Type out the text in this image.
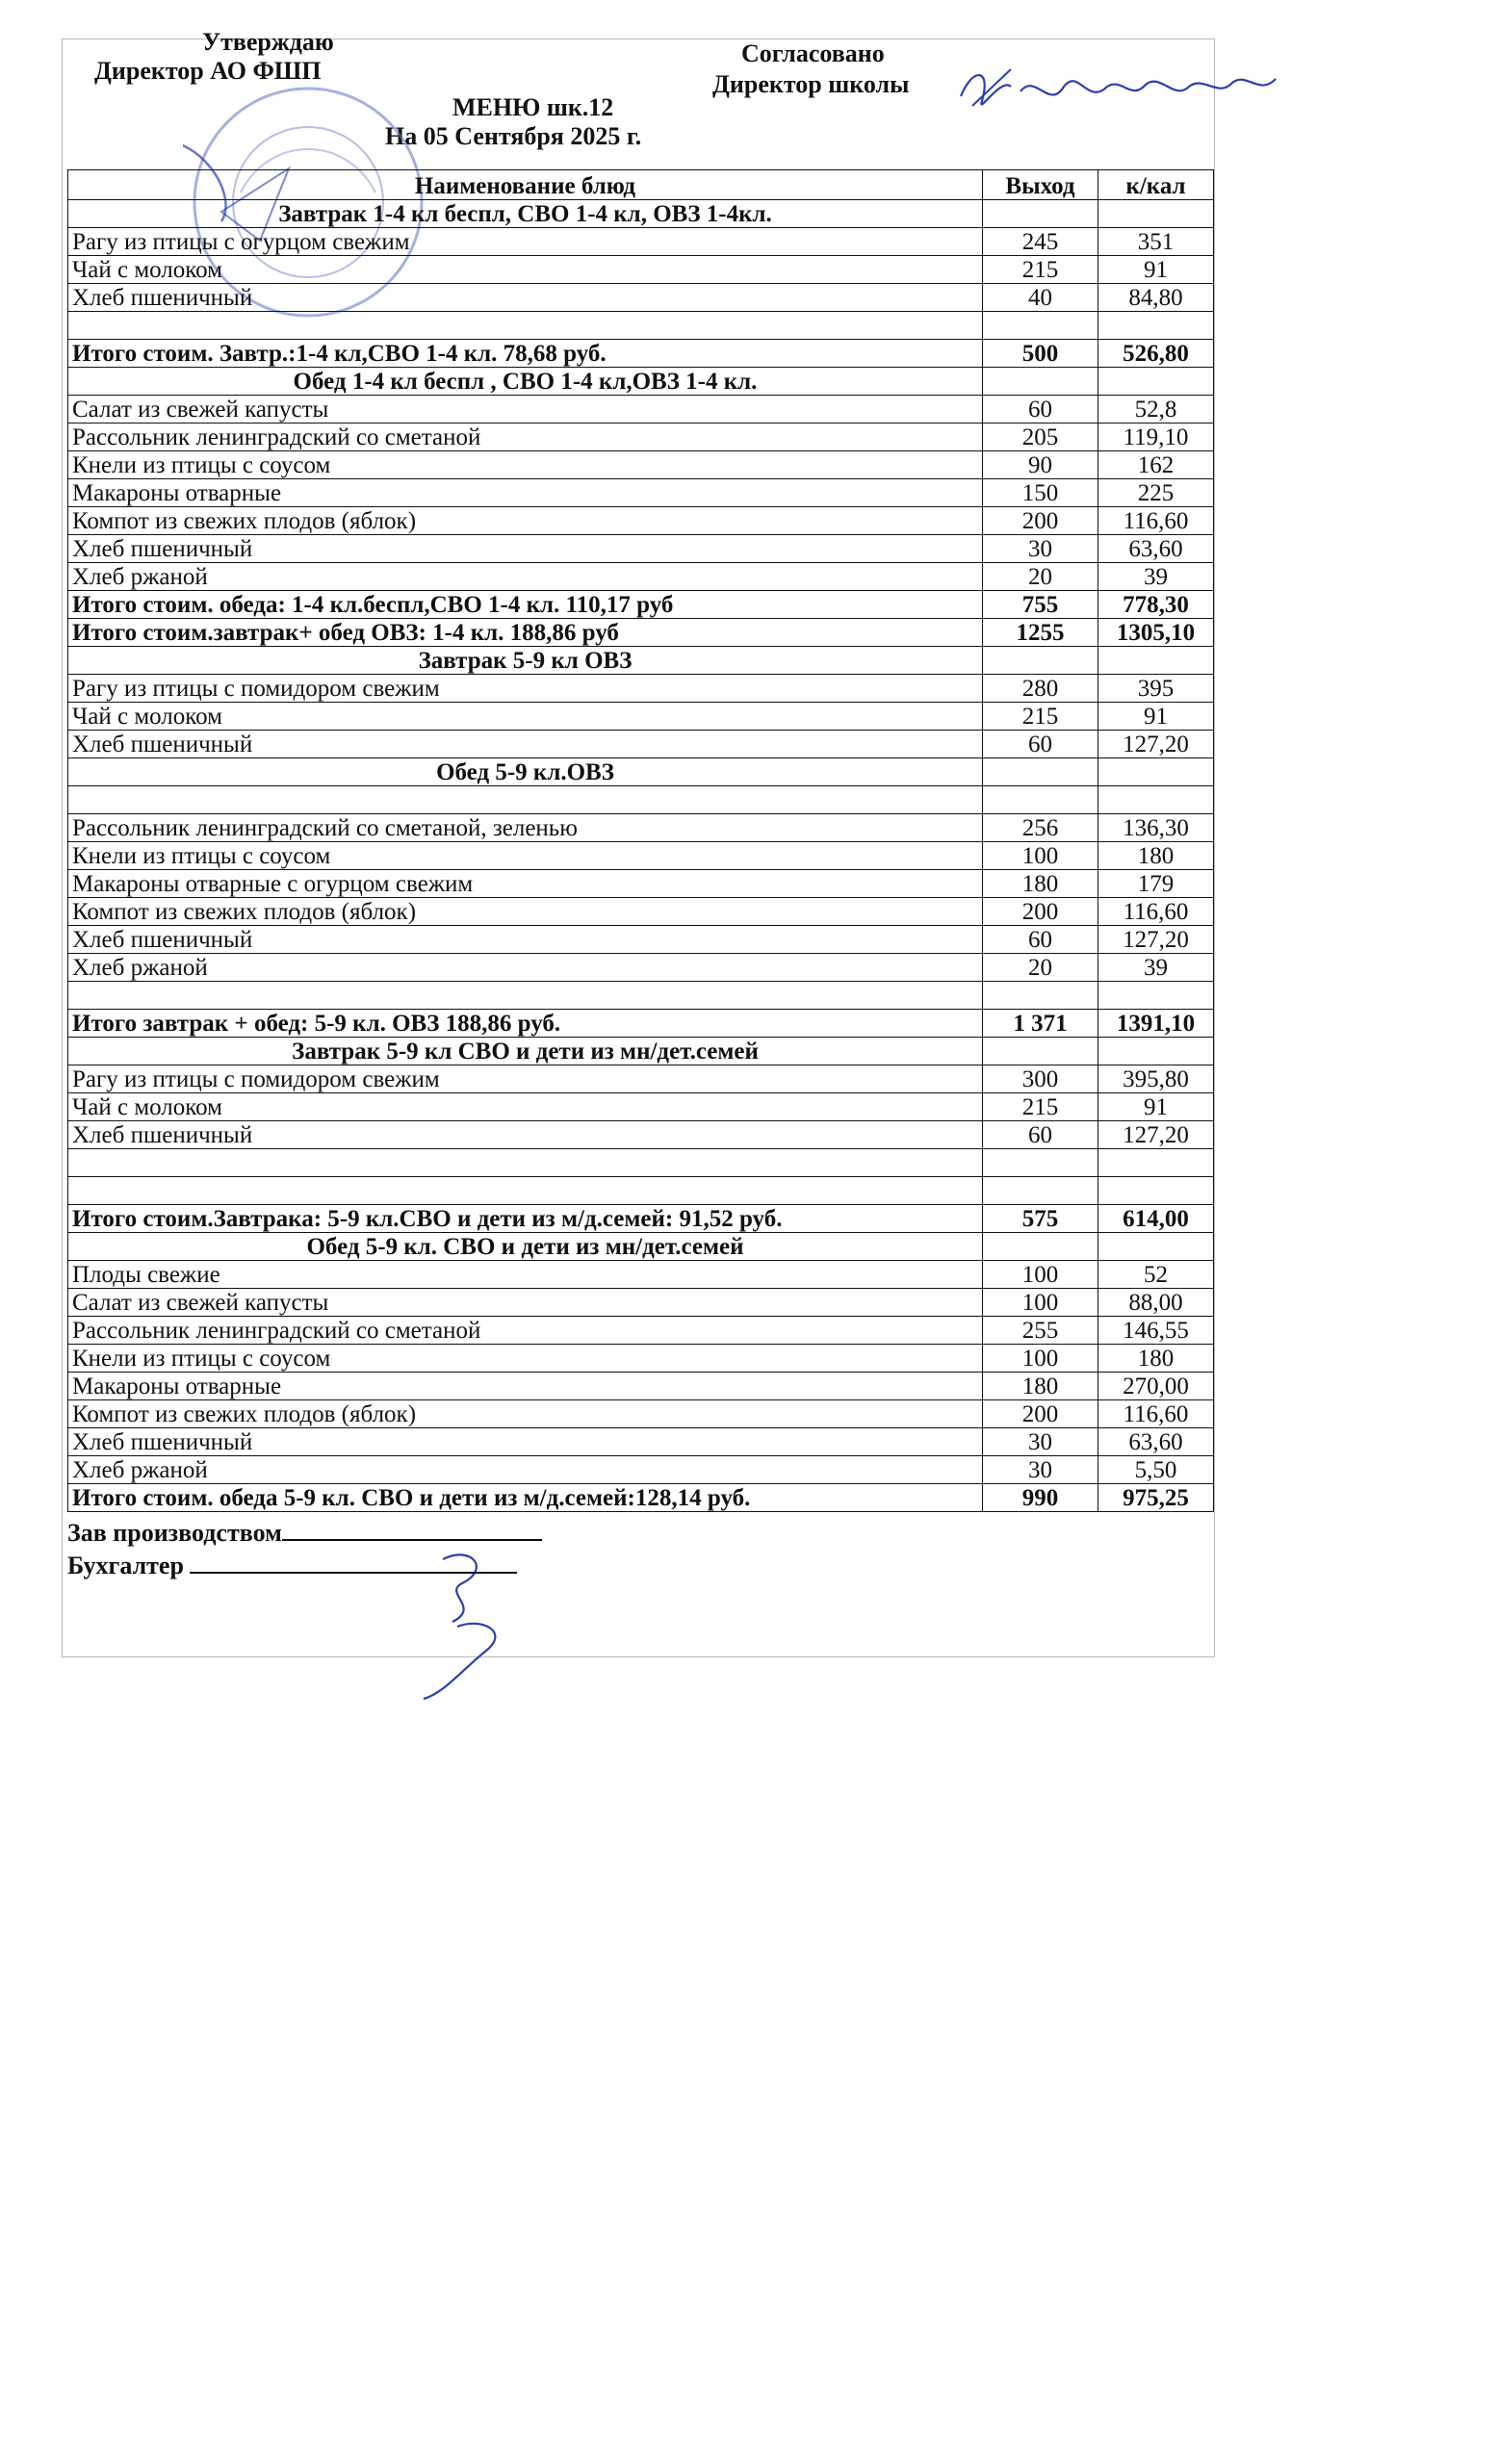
Утверждаю
Директор АО ФШП
Согласовано
Директор школы
МЕНЮ шк.12
На 05 Сентября 2025 г.
Наименование блюд	Выход	к/кал
Завтрак 1-4 кл беспл, СВО 1-4 кл, ОВЗ 1-4кл.		
Рагу из птицы с огурцом свежим	245	351
Чай с молоком	215	91
Хлеб пшеничный	40	84,80

Итого стоим. Завтр.:1-4 кл,СВО 1-4 кл. 78,68 руб.	500	526,80
Обед 1-4 кл беспл , СВО 1-4 кл,ОВЗ 1-4 кл.		
Салат из свежей капусты	60	52,8
Рассольник ленинградский со сметаной	205	119,10
Кнели из птицы с соусом	90	162
Макароны отварные	150	225
Компот из свежих плодов (яблок)	200	116,60
Хлеб пшеничный	30	63,60
Хлеб ржаной	20	39
Итого стоим. обеда: 1-4 кл.беспл,СВО 1-4 кл. 110,17 руб	755	778,30
Итого стоим.завтрак+ обед ОВЗ: 1-4 кл. 188,86 руб	1255	1305,10
Завтрак 5-9 кл ОВЗ		
Рагу из птицы с помидором свежим	280	395
Чай с молоком	215	91
Хлеб пшеничный	60	127,20
Обед 5-9 кл.ОВЗ		

Рассольник ленинградский со сметаной, зеленью	256	136,30
Кнели из птицы с соусом	100	180
Макароны отварные с огурцом свежим	180	179
Компот из свежих плодов (яблок)	200	116,60
Хлеб пшеничный	60	127,20
Хлеб ржаной	20	39

Итого завтрак + обед: 5-9 кл. ОВЗ 188,86 руб.	1 371	1391,10
Завтрак 5-9 кл СВО и дети из мн/дет.семей		
Рагу из птицы с помидором свежим	300	395,80
Чай с молоком	215	91
Хлеб пшеничный	60	127,20

Итого стоим.Завтрака: 5-9 кл.СВО и дети из м/д.семей: 91,52 руб.	575	614,00
Обед 5-9 кл. СВО и дети из мн/дет.семей		
Плоды свежие	100	52
Салат из свежей капусты	100	88,00
Рассольник ленинградский со сметаной	255	146,55
Кнели из птицы с соусом	100	180
Макароны отварные	180	270,00
Компот из свежих плодов (яблок)	200	116,60
Хлеб пшеничный	30	63,60
Хлеб ржаной	30	5,50
Итого стоим. обеда 5-9 кл. СВО и дети из м/д.семей:128,14 руб.	990	975,25
Зав производством
Бухгалтер
